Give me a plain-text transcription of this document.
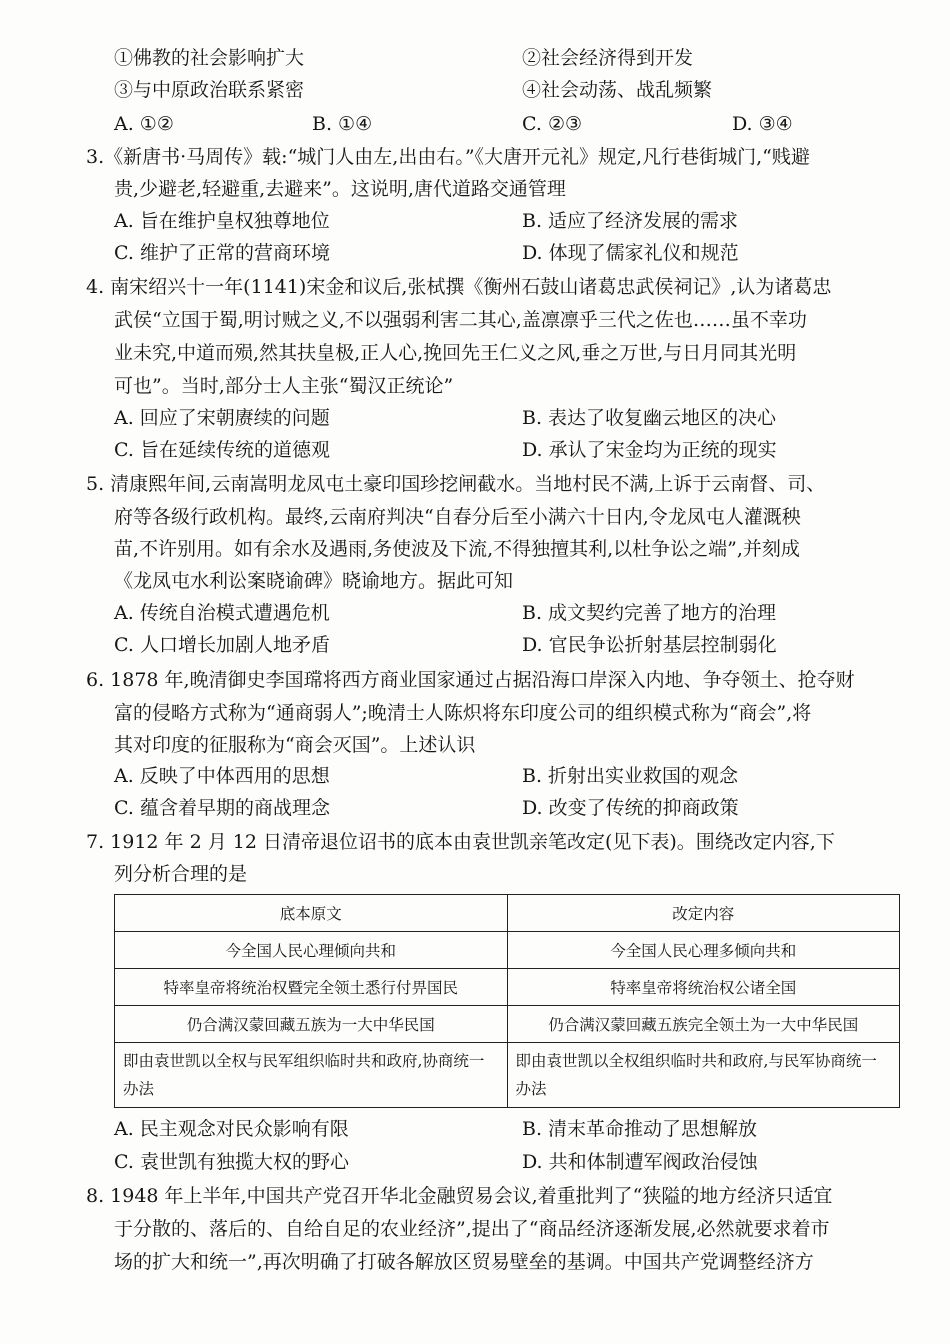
①佛教的社会影响扩大	②社会经济得到开发
③与中原政治联系紧密	④社会动荡、战乱频繁
A. ①②	B. ①④	C. ②③	D. ③④
3.《新唐书·马周传》载:“城门人由左,出由右。”《大唐开元礼》规定,凡行巷街城门,“贱避
贵,少避老,轻避重,去避来”。这说明,唐代道路交通管理
A. 旨在维护皇权独尊地位	B. 适应了经济发展的需求
C. 维护了正常的营商环境	D. 体现了儒家礼仪和规范
4. 南宋绍兴十一年(1141)宋金和议后,张栻撰《衡州石鼓山诸葛忠武侯祠记》,认为诸葛忠
武侯“立国于蜀,明讨贼之义,不以强弱利害二其心,盖凛凛乎三代之佐也……虽不幸功
业未究,中道而殒,然其扶皇极,正人心,挽回先王仁义之风,垂之万世,与日月同其光明
可也”。当时,部分士人主张“蜀汉正统论”
A. 回应了宋朝赓续的问题	B. 表达了收复幽云地区的决心
C. 旨在延续传统的道德观	D. 承认了宋金均为正统的现实
5. 清康熙年间,云南嵩明龙凤屯土豪印国珍挖闸截水。当地村民不满,上诉于云南督、司、
府等各级行政机构。最终,云南府判决“自春分后至小满六十日内,令龙凤屯人灌溉秧
苗,不许别用。如有余水及遇雨,务使波及下流,不得独擅其利,以杜争讼之端”,并刻成
《龙凤屯水利讼案晓谕碑》晓谕地方。据此可知
A. 传统自治模式遭遇危机	B. 成文契约完善了地方的治理
C. 人口增长加剧人地矛盾	D. 官民争讼折射基层控制弱化
6. 1878 年,晚清御史李国瑺将西方商业国家通过占据沿海口岸深入内地、争夺领土、抢夺财
富的侵略方式称为“通商弱人”;晚清士人陈炽将东印度公司的组织模式称为“商会”,将
其对印度的征服称为“商会灭国”。上述认识
A. 反映了中体西用的思想	B. 折射出实业救国的观念
C. 蕴含着早期的商战理念	D. 改变了传统的抑商政策
7. 1912 年 2 月 12 日清帝退位诏书的底本由袁世凯亲笔改定(见下表)。围绕改定内容,下
列分析合理的是
底本原文	改定内容
今全国人民心理倾向共和	今全国人民心理多倾向共和
特率皇帝将统治权暨完全领土悉行付畀国民	特率皇帝将统治权公诸全国
仍合满汉蒙回藏五族为一大中华民国	仍合满汉蒙回藏五族完全领土为一大中华民国
即由袁世凯以全权与民军组织临时共和政府,协商统一办法	即由袁世凯以全权组织临时共和政府,与民军协商统一办法
A. 民主观念对民众影响有限	B. 清末革命推动了思想解放
C. 袁世凯有独揽大权的野心	D. 共和体制遭军阀政治侵蚀
8. 1948 年上半年,中国共产党召开华北金融贸易会议,着重批判了“狭隘的地方经济只适宜
于分散的、落后的、自给自足的农业经济”,提出了“商品经济逐渐发展,必然就要求着市
场的扩大和统一”,再次明确了打破各解放区贸易壁垒的基调。中国共产党调整经济方
